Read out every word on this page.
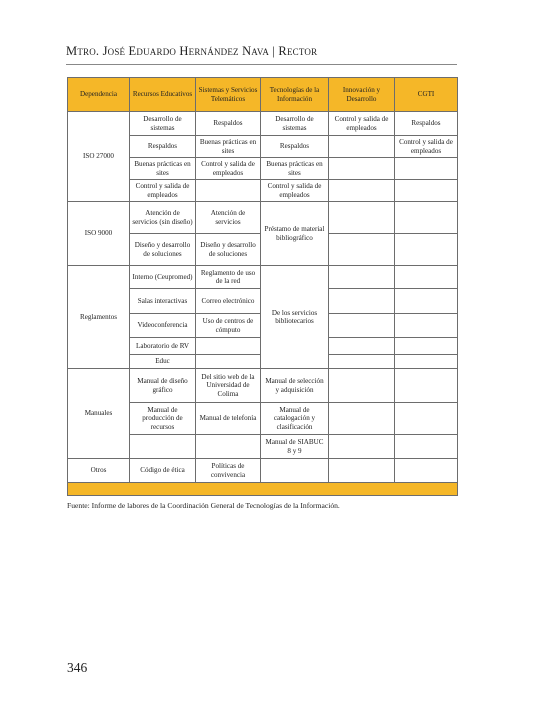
Mtro. José Eduardo Hernández Nava | Rector
Dependencia	Recursos Educativos	Sistemas y Servicios Telemáticos	Tecnologías de la Información	Innovación y Desarrollo	CGTI
ISO 27000	Desarrollo de sistemas	Respaldos	Desarrollo de sistemas	Control y salida de empleados	Respaldos
	Respaldos	Buenas prácticas en sites	Respaldos		Control y salida de empleados
	Buenas prácticas en sites	Control y salida de empleados	Buenas prácticas en sites		
	Control y salida de empleados		Control y salida de empleados		
ISO 9000	Atención de servicios (sin diseño)	Atención de servicios	Préstamo de material bibliográfico		
	Diseño y desarrollo de soluciones	Diseño y desarrollo de soluciones			
Reglamentos	Interno (Ceupromed)	Reglamento de uso de la red	De los servicios bibliotecarios		
	Salas interactivas	Correo electrónico			
	Videoconferencia	Uso de centros de cómputo			
	Laboratorio de RV				
	Educ				
Manuales	Manual de diseño gráfico	Del sitio web de la Universidad de Colima	Manual de selección y adquisición		
	Manual de producción de recursos	Manual de telefonía	Manual de catalogación y clasificación		
			Manual de SIABUC 8 y 9		
Otros	Código de ética	Políticas de convivencia			

Fuente: Informe de labores de la Coordinación General de Tecnologías de la Información.
346
